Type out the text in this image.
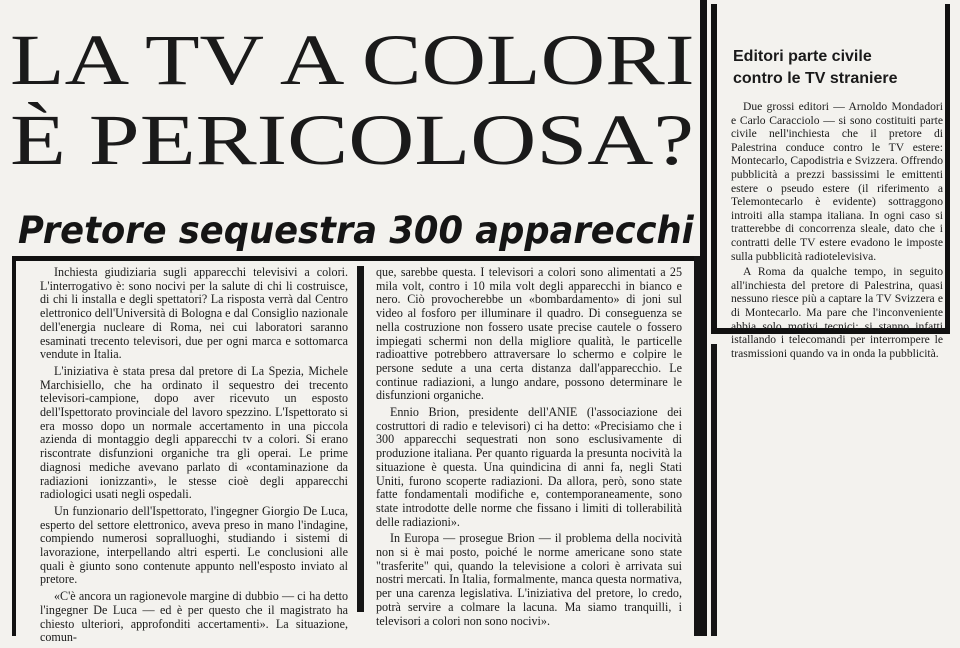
LA TV A COLORI
È PERICOLOSA?
Pretore sequestra 300 apparecchi

Inchiesta giudiziaria sugli apparecchi televisivi a colori. L'interrogativo è: sono nocivi per la salute di chi li costruisce, di chi li installa e degli spettatori? La risposta verrà dal Centro elettronico dell'Università di Bologna e dal Consiglio nazionale dell'energia nucleare di Roma, nei cui laboratori saranno esaminati trecento televisori, due per ogni marca e sottomarca vendute in Italia.

L'iniziativa è stata presa dal pretore di La Spezia, Michele Marchisiello, che ha ordinato il sequestro dei trecento televisori-campione, dopo aver ricevuto un esposto dell'Ispettorato provinciale del lavoro spezzino. L'Ispettorato si era mosso dopo un normale accertamento in una piccola azienda di montaggio degli apparecchi tv a colori. Si erano riscontrate disfunzioni organiche tra gli operai. Le prime diagnosi mediche avevano parlato di «contaminazione da radiazioni ionizzanti», le stesse cioè degli apparecchi radiologici usati negli ospedali.

Un funzionario dell'Ispettorato, l'ingegner Giorgio De Luca, esperto del settore elettronico, aveva preso in mano l'indagine, compiendo numerosi sopralluoghi, studiando i sistemi di lavorazione, interpellando altri esperti. Le conclusioni alle quali è giunto sono contenute appunto nell'esposto inviato al pretore.

«C'è ancora un ragionevole margine di dubbio — ci ha detto l'ingegner De Luca — ed è per questo che il magistrato ha chiesto ulteriori, approfonditi accertamenti». La situazione, comun-

que, sarebbe questa. I televisori a colori sono alimentati a 25 mila volt, contro i 10 mila volt degli apparecchi in bianco e nero. Ciò provocherebbe un «bombardamento» di joni sul video al fosforo per illuminare il quadro. Di conseguenza se nella costruzione non fossero usate precise cautele o fossero impiegati schermi non della migliore qualità, le particelle radioattive potrebbero attraversare lo schermo e colpire le persone sedute a una certa distanza dall'apparecchio. Le continue radiazioni, a lungo andare, possono determinare le disfunzioni organiche.

Ennio Brion, presidente dell'ANIE (l'associazione dei costruttori di radio e televisori) ci ha detto: «Precisiamo che i 300 apparecchi sequestrati non sono esclusivamente di produzione italiana. Per quanto riguarda la presunta nocività la situazione è questa. Una quindicina di anni fa, negli Stati Uniti, furono scoperte radiazioni. Da allora, però, sono state fatte fondamentali modifiche e, contemporaneamente, sono state introdotte delle norme che fissano i limiti di tollerabilità delle radiazioni».

In Europa — prosegue Brion — il problema della nocività non si è mai posto, poiché le norme americane sono state "trasferite" qui, quando la televisione a colori è arrivata sui nostri mercati. In Italia, formalmente, manca questa normativa, per una carenza legislativa. L'iniziativa del pretore, lo credo, potrà servire a colmare la lacuna. Ma siamo tranquilli, i televisori a colori non sono nocivi».

Editori parte civile
contro le TV straniere

Due grossi editori — Arnoldo Mondadori e Carlo Caracciolo — si sono costituiti parte civile nell'inchiesta che il pretore di Palestrina conduce contro le TV estere: Montecarlo, Capodistria e Svizzera. Offrendo pubblicità a prezzi bassissimi le emittenti estere o pseudo estere (il riferimento a Telemontecarlo è evidente) sottraggono introiti alla stampa italiana. In ogni caso si tratterebbe di concorrenza sleale, dato che i contratti delle TV estere evadono le imposte sulla pubblicità radiotelevisiva.

A Roma da qualche tempo, in seguito all'inchiesta del pretore di Palestrina, quasi nessuno riesce più a captare la TV Svizzera e di Montecarlo. Ma pare che l'inconveniente abbia solo motivi tecnici: si stanno infatti istallando i telecomandi per interrompere le trasmissioni quando va in onda la pubblicità.
